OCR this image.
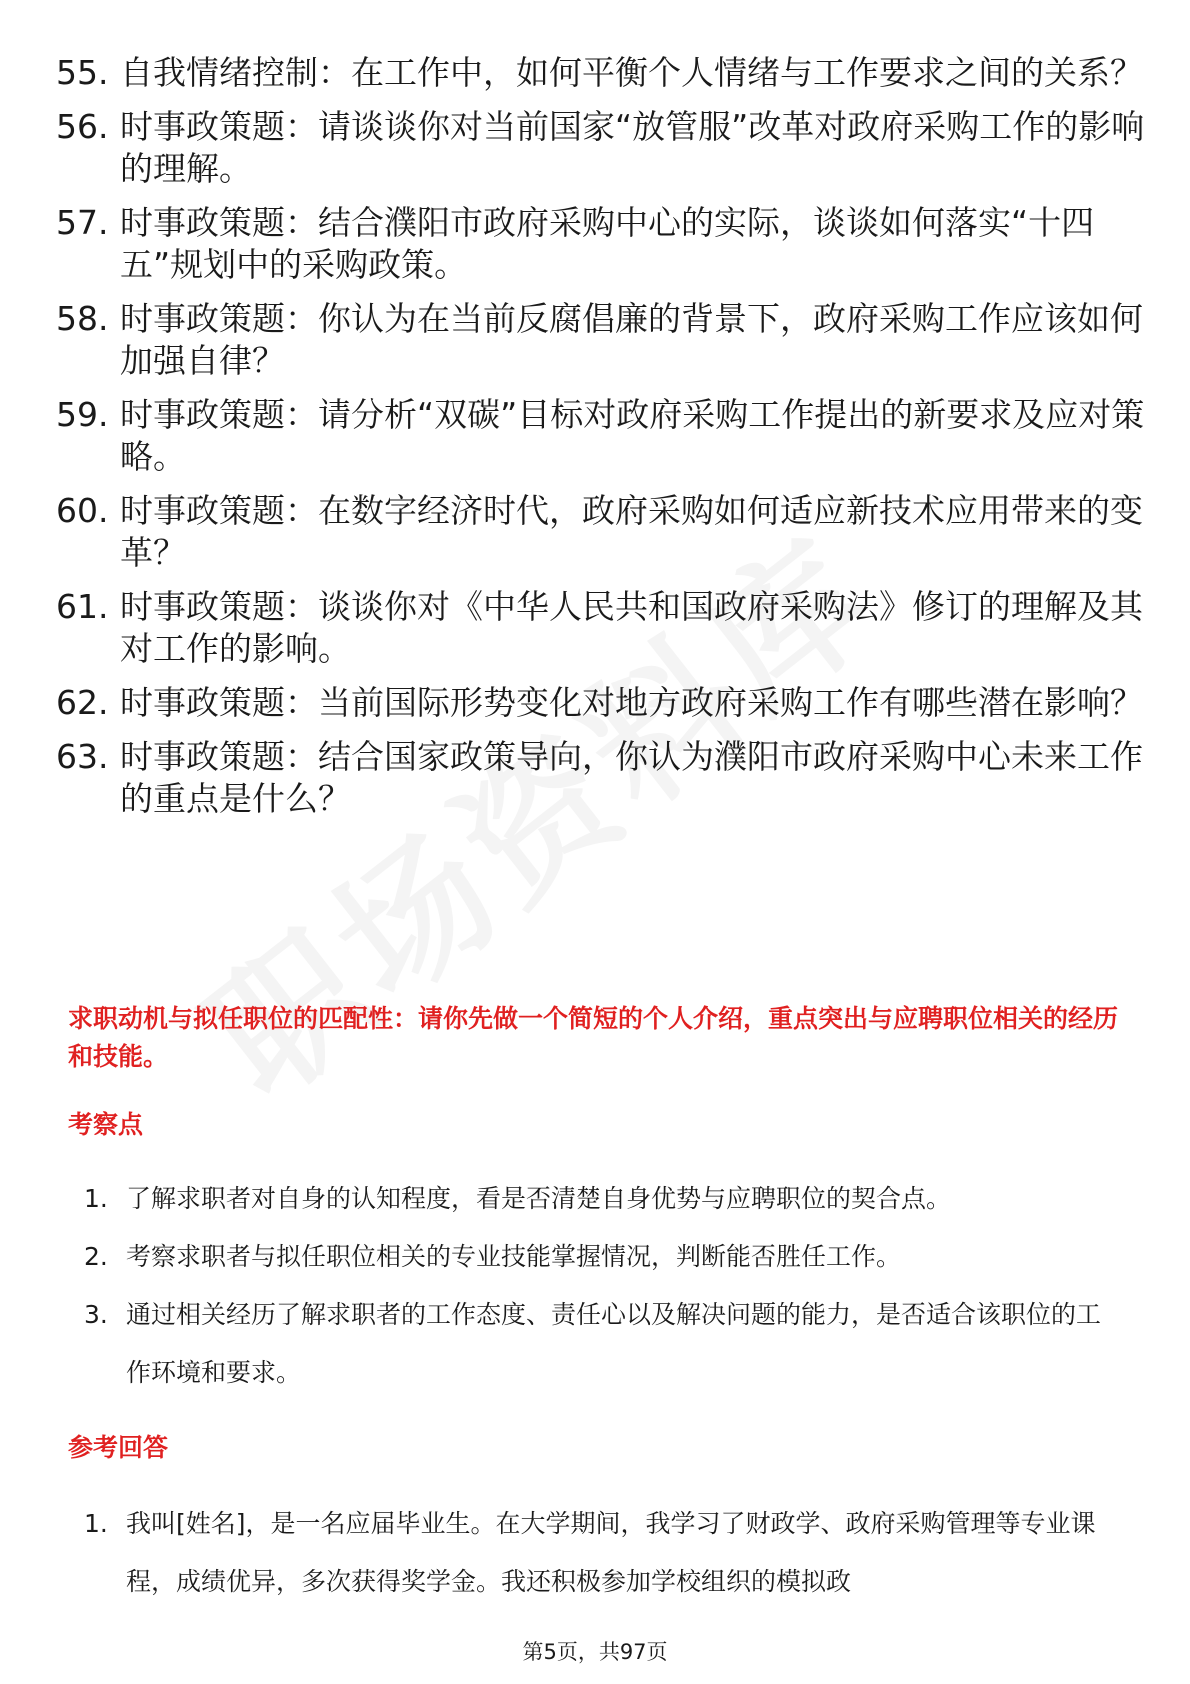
55. 自我情绪控制：在工作中，如何平衡个人情绪与工作要求之间的关系？
56. 时事政策题：请谈谈你对当前国家“放管服”改革对政府采购工作的影响的理解。
57. 时事政策题：结合濮阳市政府采购中心的实际，谈谈如何落实“十四五”规划中的采购政策。
58. 时事政策题：你认为在当前反腐倡廉的背景下，政府采购工作应该如何加强自律？
59. 时事政策题：请分析“双碳”目标对政府采购工作提出的新要求及应对策略。
60. 时事政策题：在数字经济时代，政府采购如何适应新技术应用带来的变革？
61. 时事政策题：谈谈你对《中华人民共和国政府采购法》修订的理解及其对工作的影响。
62. 时事政策题：当前国际形势变化对地方政府采购工作有哪些潜在影响？
63. 时事政策题：结合国家政策导向，你认为濮阳市政府采购中心未来工作的重点是什么？
求职动机与拟任职位的匹配性：请你先做一个简短的个人介绍，重点突出与应聘职位相关的经历和技能。
考察点
1. 了解求职者对自身的认知程度，看是否清楚自身优势与应聘职位的契合点。
2. 考察求职者与拟任职位相关的专业技能掌握情况，判断能否胜任工作。
3. 通过相关经历了解求职者的工作态度、责任心以及解决问题的能力，是否适合该职位的工作环境和要求。
参考回答
1. 我叫[姓名]，是一名应届毕业生。在大学期间，我学习了财政学、政府采购管理等专业课程，成绩优异，多次获得奖学金。我还积极参加学校组织的模拟政
第5页，共97页
